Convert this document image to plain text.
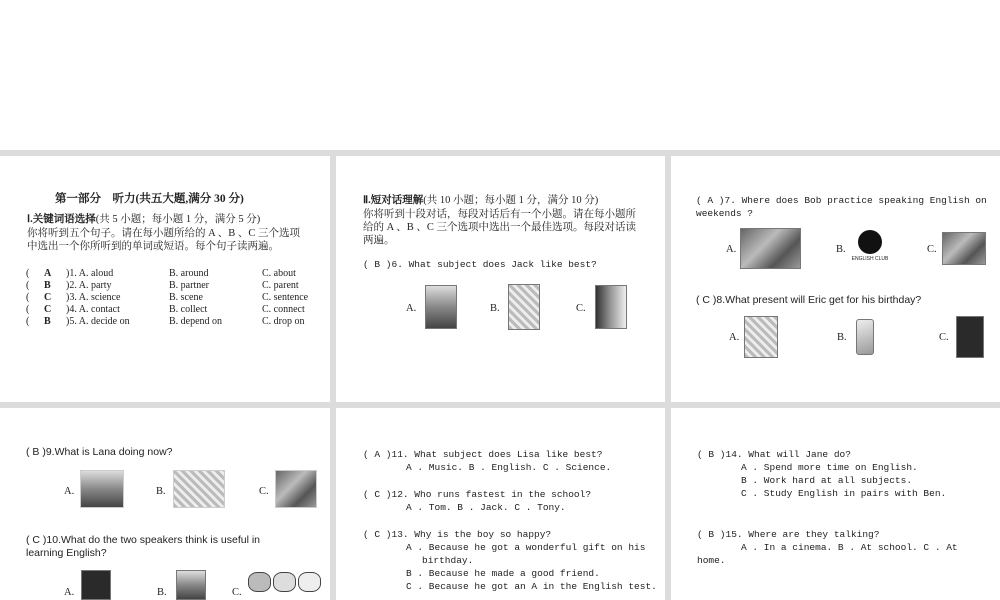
第一部分　听力(共五大题,满分 30 分)
Ⅰ.关键词语选择(共 5 小题；每小题 1 分，满分 5 分)
你将听到五个句子。请在每小题所给的 A 、B 、C 三个选项
中选出一个你所听到的单词或短语。每个句子读两遍。
( A )1. A. aloud	B. around	C. about
( B )2. A. party	B. partner	C. parent
( C )3. A. science	B. scene	C. sentence
( C )4. A. contact	B. collect	C. connect
( B )5. A. decide on	B. depend on	C. drop on
Ⅱ.短对话理解(共 10 小题；每小题 1 分，满分 10 分)
你将听到十段对话，每段对话后有一个小题。请在每小题所
给的 A 、B 、C 三个选项中选出一个最佳选项。每段对话读
两遍。
( B )6. What subject does Jack like best?
A.	B.	C.
( A )7. Where does Bob practice speaking English on
weekends ?
A.	B.
ENGLISH CLUB
C.
( C )8.What present will Eric get for his birthday?
A.	B.	C.
( B )9.What is Lana doing now?
A.	B.	C.
( C )10.What do the two speakers think is useful in
learning English?
A.	B.	C.
( A )11. What subject does Lisa like best?
A . Music. B . English. C . Science.
( C )12. Who runs fastest in the school?
A . Tom. B . Jack. C . Tony.
( C )13. Why is the boy so happy?
A . Because he got a wonderful gift on his
birthday.
B . Because he made a good friend.
C . Because he got an A in the English test.
( B )14. What will Jane do?
A . Spend more time on English.
B . Work hard at all subjects.
C . Study English in pairs with Ben.
( B )15. Where are they talking?
A . In a cinema. B . At school. C . At
home.
